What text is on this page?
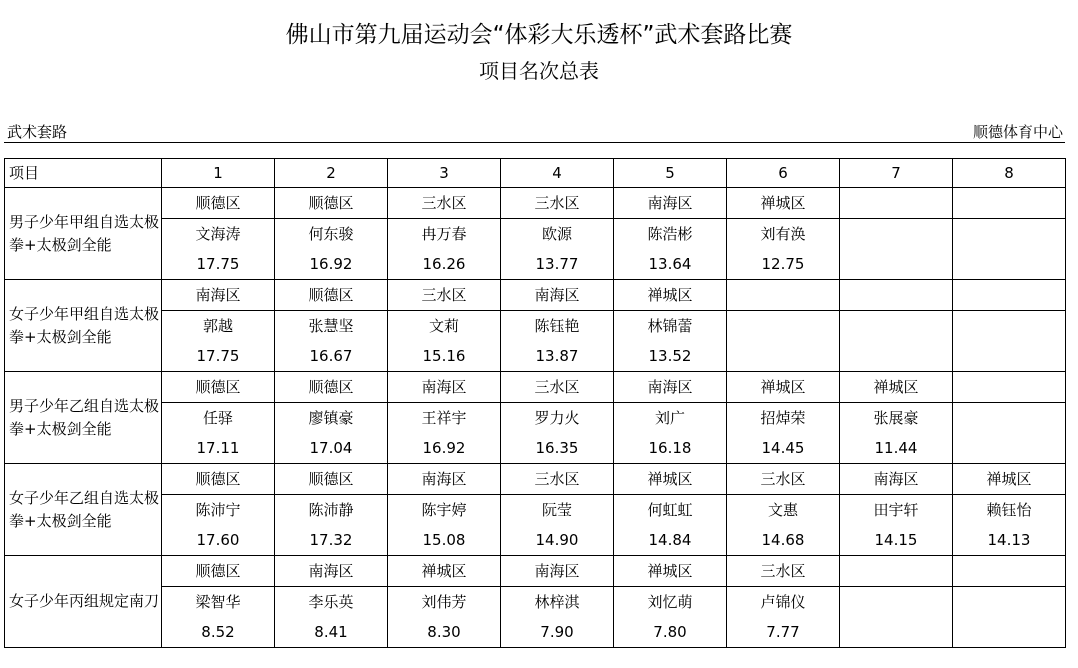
佛山市第九届运动会“体彩大乐透杯”武术套路比赛
项目名次总表
武术套路	顺德体育中心
项目	1	2	3	4	5	6	7	8
男子少年甲组自选太极拳+太极剑全能	顺德区	顺德区	三水区	三水区	南海区	禅城区		
	文海涛	何东骏	冉万春	欧源	陈浩彬	刘有涣		
	17.75	16.92	16.26	13.77	13.64	12.75		
女子少年甲组自选太极拳+太极剑全能	南海区	顺德区	三水区	南海区	禅城区			
	郭越	张慧坚	文莉	陈钰艳	林锦蕾			
	17.75	16.67	15.16	13.87	13.52			
男子少年乙组自选太极拳+太极剑全能	顺德区	顺德区	南海区	三水区	南海区	禅城区	禅城区	
	任驿	廖镇豪	王祥宇	罗力火	刘广	招焯荣	张展豪	
	17.11	17.04	16.92	16.35	16.18	14.45	11.44	
女子少年乙组自选太极拳+太极剑全能	顺德区	顺德区	南海区	三水区	禅城区	三水区	南海区	禅城区
	陈沛宁	陈沛静	陈宇婷	阮莹	何虹虹	文惠	田宇轩	赖钰怡
	17.60	17.32	15.08	14.90	14.84	14.68	14.15	14.13
女子少年丙组规定南刀	顺德区	南海区	禅城区	南海区	禅城区	三水区		
	梁智华	李乐英	刘伟芳	林梓淇	刘忆萌	卢锦仪		
	8.52	8.41	8.30	7.90	7.80	7.77		
